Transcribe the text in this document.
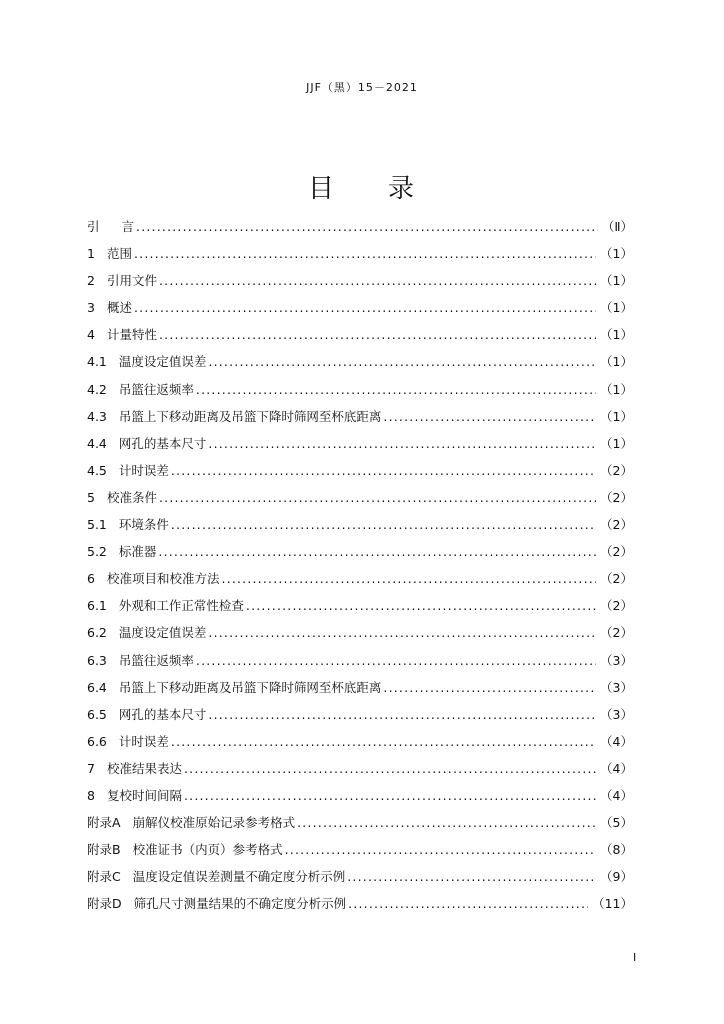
JJF（黑）15－2021
目 录
引 言 .....	（Ⅱ）
1 范围 .....	（1）
2 引用文件 .....	（1）
3 概述 .....	（1）
4 计量特性 .....	（1）
4.1 温度设定值误差 .....	（1）
4.2 吊篮往返频率 .....	（1）
4.3 吊篮上下移动距离及吊篮下降时筛网至杯底距离 .....	（1）
4.4 网孔的基本尺寸 .....	（1）
4.5 计时误差 .....	（2）
5 校准条件 .....	（2）
5.1 环境条件 .....	（2）
5.2 标准器 .....	（2）
6 校准项目和校准方法 .....	（2）
6.1 外观和工作正常性检查 .....	（2）
6.2 温度设定值误差 .....	（2）
6.3 吊篮往返频率 .....	（3）
6.4 吊篮上下移动距离及吊篮下降时筛网至杯底距离 .....	（3）
6.5 网孔的基本尺寸 .....	（3）
6.6 计时误差 .....	（4）
7 校准结果表达 .....	（4）
8 复校时间间隔 .....	（4）
附录A 崩解仪校准原始记录参考格式 .....	（5）
附录B 校准证书（内页）参考格式 .....	（8）
附录C 温度设定值误差测量不确定度分析示例 .....	（9）
附录D 筛孔尺寸测量结果的不确定度分析示例 .....	（11）
I
